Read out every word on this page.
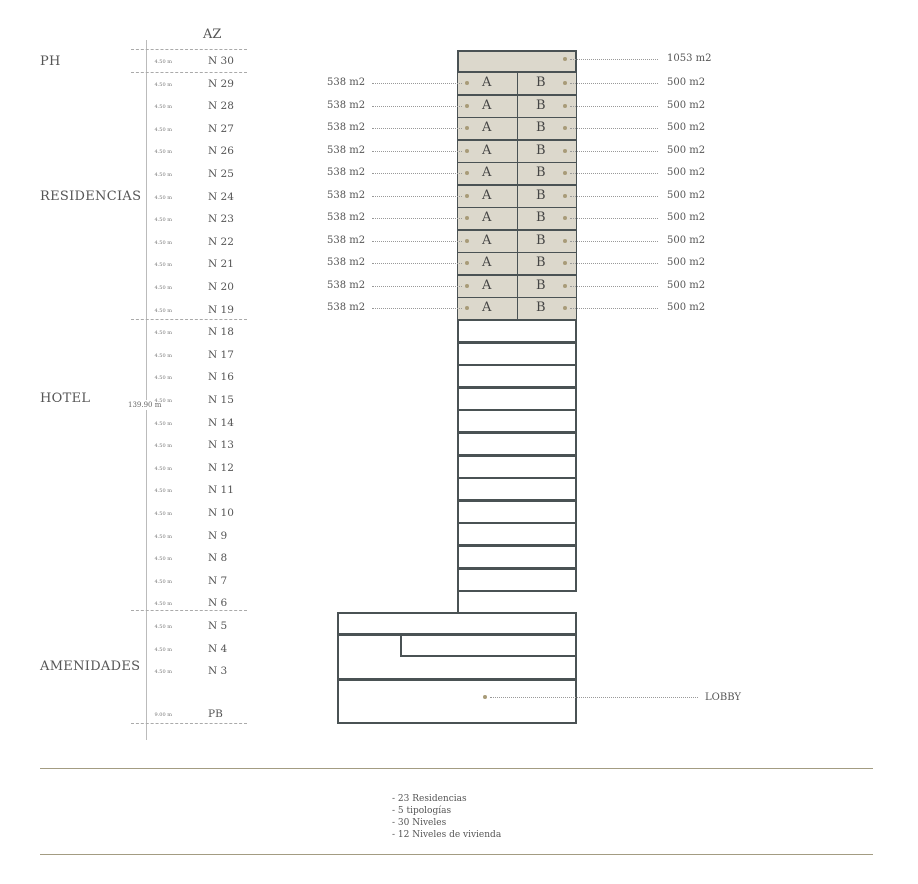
AZ
PH
RESIDENCIAS
HOTEL
AMENIDADES
139.90 m
4.50 m	N 30
4.50 m	N 29
4.50 m	N 28
4.50 m	N 27
4.50 m	N 26
4.50 m	N 25
4.50 m	N 24
4.50 m	N 23
4.50 m	N 22
4.50 m	N 21
4.50 m	N 20
4.50 m	N 19
4.50 m	N 18
4.50 m	N 17
4.50 m	N 16
4.50 m	N 15
4.50 m	N 14
4.50 m	N 13
4.50 m	N 12
4.50 m	N 11
4.50 m	N 10
4.50 m	N 9
4.50 m	N 8
4.50 m	N 7
4.50 m	N 6
4.50 m	N 5
4.50 m	N 4
4.50 m	N 3
9.00 m	PB
1053 m2
A	B
538 m2	500 m2
A	B
538 m2	500 m2
A	B
538 m2	500 m2
A	B
538 m2	500 m2
A	B
538 m2	500 m2
A	B
538 m2	500 m2
A	B
538 m2	500 m2
A	B
538 m2	500 m2
A	B
538 m2	500 m2
A	B
538 m2	500 m2
A	B
538 m2	500 m2
LOBBY
- 23 Residencias
- 5 tipologías
- 30 Niveles
- 12 Niveles de vivienda
